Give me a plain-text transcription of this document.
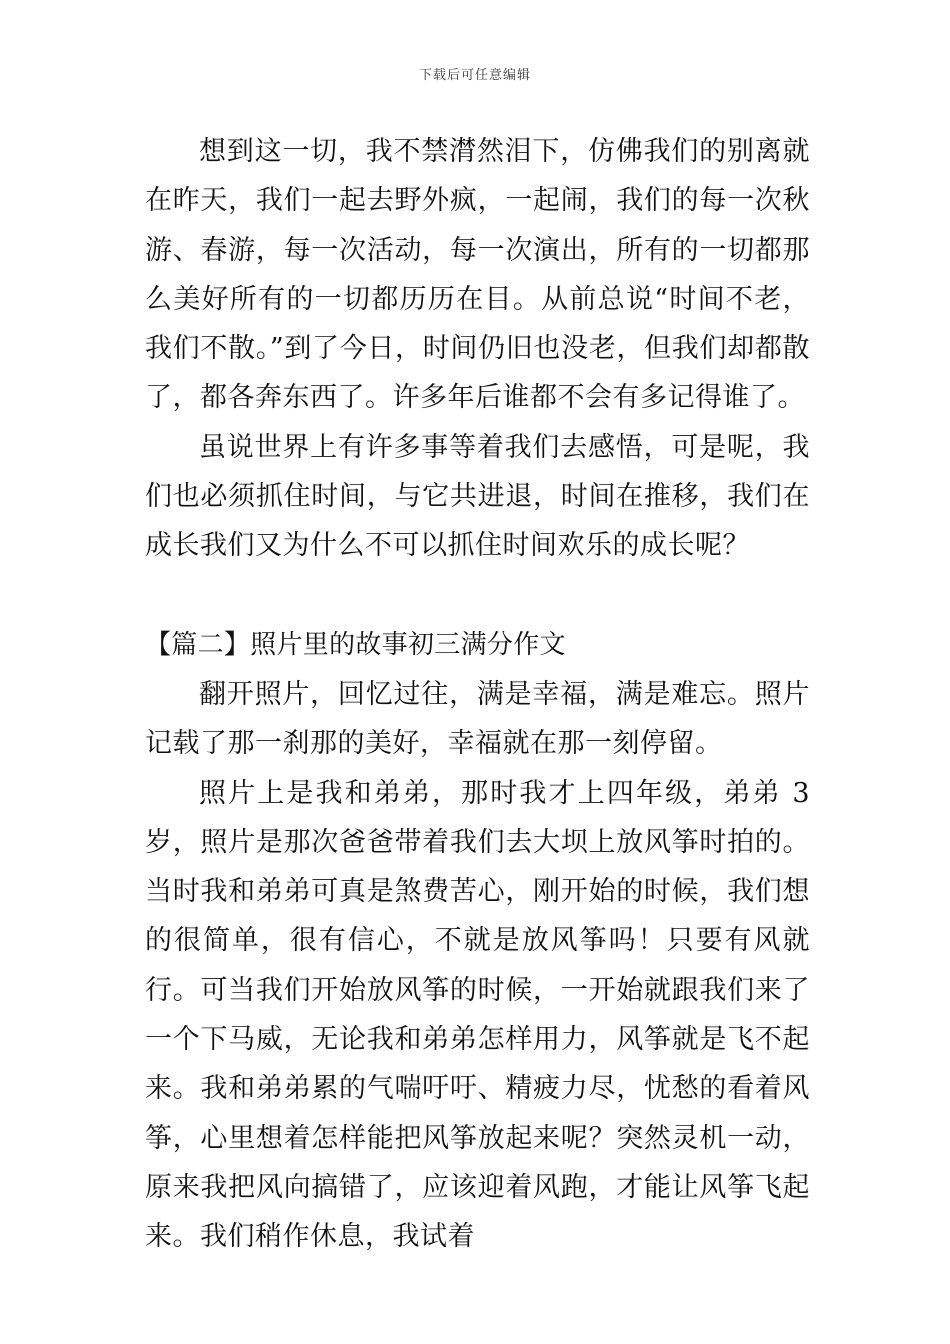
下载后可任意编辑

想到这一切，我不禁潸然泪下，仿佛我们的别离就在昨天，我们一起去野外疯，一起闹，我们的每一次秋游、春游，每一次活动，每一次演出，所有的一切都那么美好所有的一切都历历在目。从前总说“时间不老，我们不散。”到了今日，时间仍旧也没老，但我们却都散了，都各奔东西了。许多年后谁都不会有多记得谁了。

虽说世界上有许多事等着我们去感悟，可是呢，我们也必须抓住时间，与它共进退，时间在推移，我们在成长我们又为什么不可以抓住时间欢乐的成长呢？

【篇二】照片里的故事初三满分作文

翻开照片，回忆过往，满是幸福，满是难忘。照片记载了那一刹那的美好，幸福就在那一刻停留。

照片上是我和弟弟，那时我才上四年级，弟弟 3 岁，照片是那次爸爸带着我们去大坝上放风筝时拍的。当时我和弟弟可真是煞费苦心，刚开始的时候，我们想的很简单，很有信心，不就是放风筝吗！只要有风就行。可当我们开始放风筝的时候，一开始就跟我们来了一个下马威，无论我和弟弟怎样用力，风筝就是飞不起来。我和弟弟累的气喘吁吁、精疲力尽，忧愁的看着风筝，心里想着怎样能把风筝放起来呢？突然灵机一动，原来我把风向搞错了，应该迎着风跑，才能让风筝飞起来。我们稍作休息，我试着
